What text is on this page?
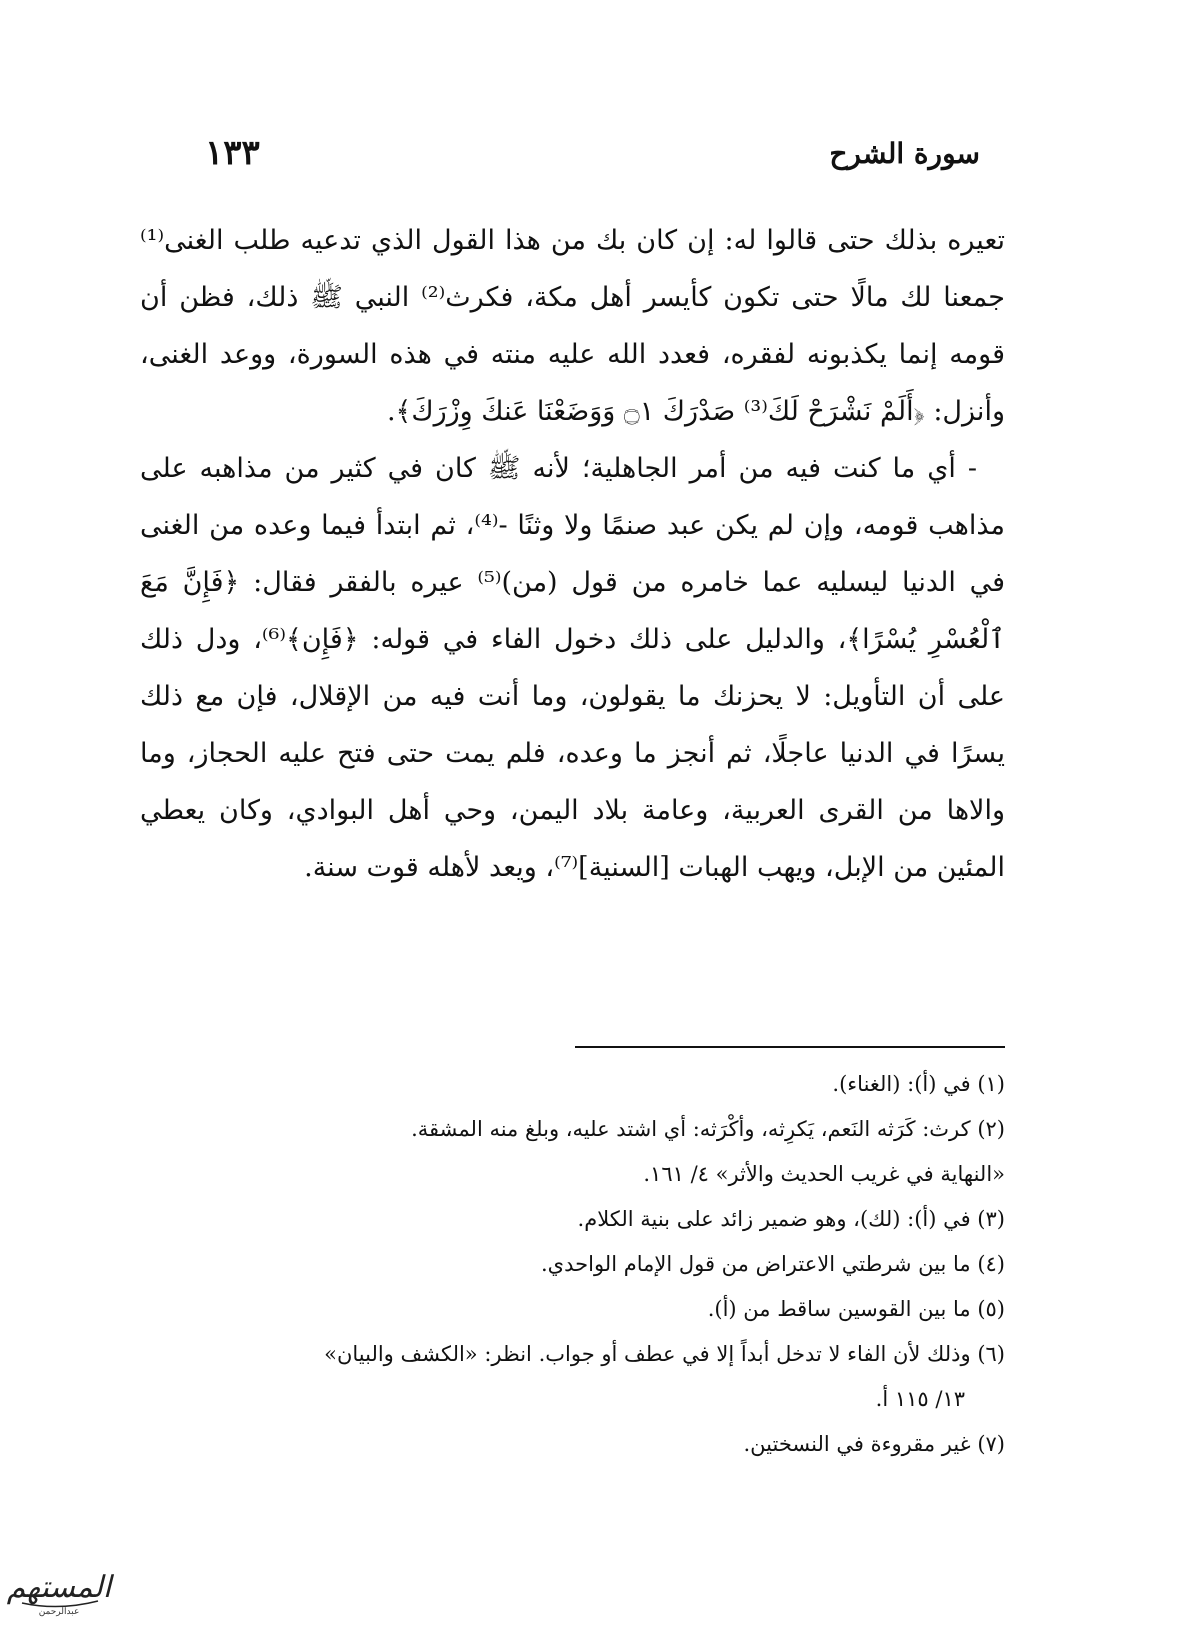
سورة الشرح
١٣٣

تعيره بذلك حتى قالوا له: إن كان بك من هذا القول الذي تدعيه طلب الغنى⁽¹⁾ جمعنا لك مالًا حتى تكون كأيسر أهل مكة، فكرث⁽²⁾ النبي ﷺ ذلك، فظن أن قومه إنما يكذبونه لفقره، فعدد الله عليه منته في هذه السورة، ووعد الغنى، وأنزل: ﴿أَلَمْ نَشْرَحْ لَكَ⁽³⁾ صَدْرَكَ ۝١ وَوَضَعْنَا عَنكَ وِزْرَكَ﴾.

- أي ما كنت فيه من أمر الجاهلية؛ لأنه ﷺ كان في كثير من مذاهبه على مذاهب قومه، وإن لم يكن عبد صنمًا ولا وثنًا -⁽⁴⁾، ثم ابتدأ فيما وعده من الغنى في الدنيا ليسليه عما خامره من قول (من)⁽⁵⁾ عيره بالفقر فقال: ﴿فَإِنَّ مَعَ ٱلْعُسْرِ يُسْرًا﴾، والدليل على ذلك دخول الفاء في قوله: ﴿فَإِن﴾⁽⁶⁾، ودل ذلك على أن التأويل: لا يحزنك ما يقولون، وما أنت فيه من الإقلال، فإن مع ذلك يسرًا في الدنيا عاجلًا، ثم أنجز ما وعده، فلم يمت حتى فتح عليه الحجاز، وما والاها من القرى العربية، وعامة بلاد اليمن، وحي أهل البوادي، وكان يعطي المئين من الإبل، ويهب الهبات [السنية]⁽⁷⁾، ويعد لأهله قوت سنة.

(١) في (أ): (الغناء).

(٢) كرث: كَرَثه النَعم، يَكرِثه، وأكْرَثه: أي اشتد عليه، وبلغ منه المشقة.

«النهاية في غريب الحديث والأثر» ٤/ ١٦١.

(٣) في (أ): (لك)، وهو ضمير زائد على بنية الكلام.

(٤) ما بين شرطتي الاعتراض من قول الإمام الواحدي.

(٥) ما بين القوسين ساقط من (أ).

(٦) وذلك لأن الفاء لا تدخل أبداً إلا في عطف أو جواب. انظر: «الكشف والبيان»

١٣/ ١١٥ أ.

(٧) غير مقروءة في النسختين.

المستهم
عبدالرحمن
